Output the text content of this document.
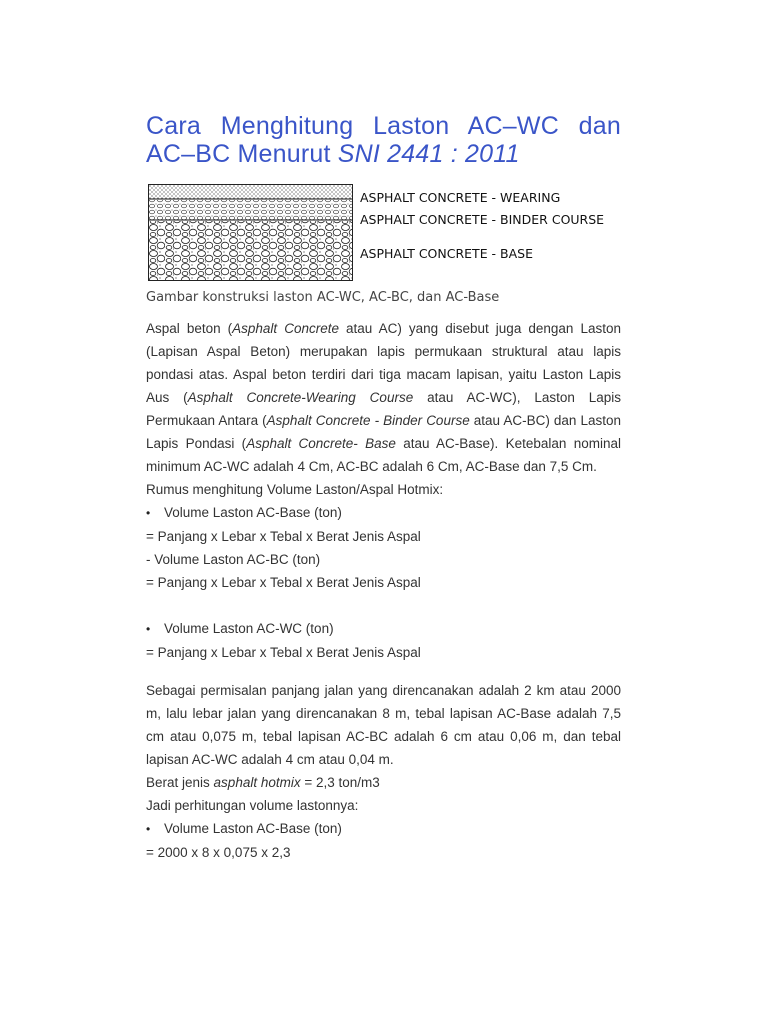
Cara Menghitung Laston AC–WC dan AC–BC Menurut SNI 2441 : 2011
ASPHALT CONCRETE - WEARING
ASPHALT CONCRETE - BINDER COURSE
ASPHALT CONCRETE - BASE
Gambar konstruksi laston AC-WC, AC-BC, dan AC-Base

Aspal beton (Asphalt Concrete atau AC) yang disebut juga dengan Laston (Lapisan Aspal Beton) merupakan lapis permukaan struktural atau lapis pondasi atas. Aspal beton terdiri dari tiga macam lapisan, yaitu Laston Lapis Aus (Asphalt Concrete-Wearing Course atau AC-WC), Laston Lapis Permukaan Antara (Asphalt Concrete - Binder Course atau AC-BC) dan Laston Lapis Pondasi (Asphalt Concrete- Base atau AC-Base). Ketebalan nominal minimum AC-WC adalah 4 Cm, AC-BC adalah 6 Cm, AC-Base dan 7,5 Cm.

Rumus menghitung Volume Laston/Aspal Hotmix:

•	Volume Laston AC-Base (ton)

= Panjang x Lebar x Tebal x Berat Jenis Aspal

- Volume Laston AC-BC (ton)

= Panjang x Lebar x Tebal x Berat Jenis Aspal

•	Volume Laston AC-WC (ton)

= Panjang x Lebar x Tebal x Berat Jenis Aspal

Sebagai permisalan panjang jalan yang direncanakan adalah 2 km atau 2000 m, lalu lebar jalan yang direncanakan 8 m, tebal lapisan AC-Base adalah 7,5 cm atau 0,075 m, tebal lapisan AC-BC adalah 6 cm atau 0,06 m, dan tebal lapisan AC-WC adalah 4 cm atau 0,04 m.

Berat jenis asphalt hotmix = 2,3 ton/m3

Jadi perhitungan volume lastonnya:

•	Volume Laston AC-Base (ton)

= 2000 x 8 x 0,075 x 2,3
